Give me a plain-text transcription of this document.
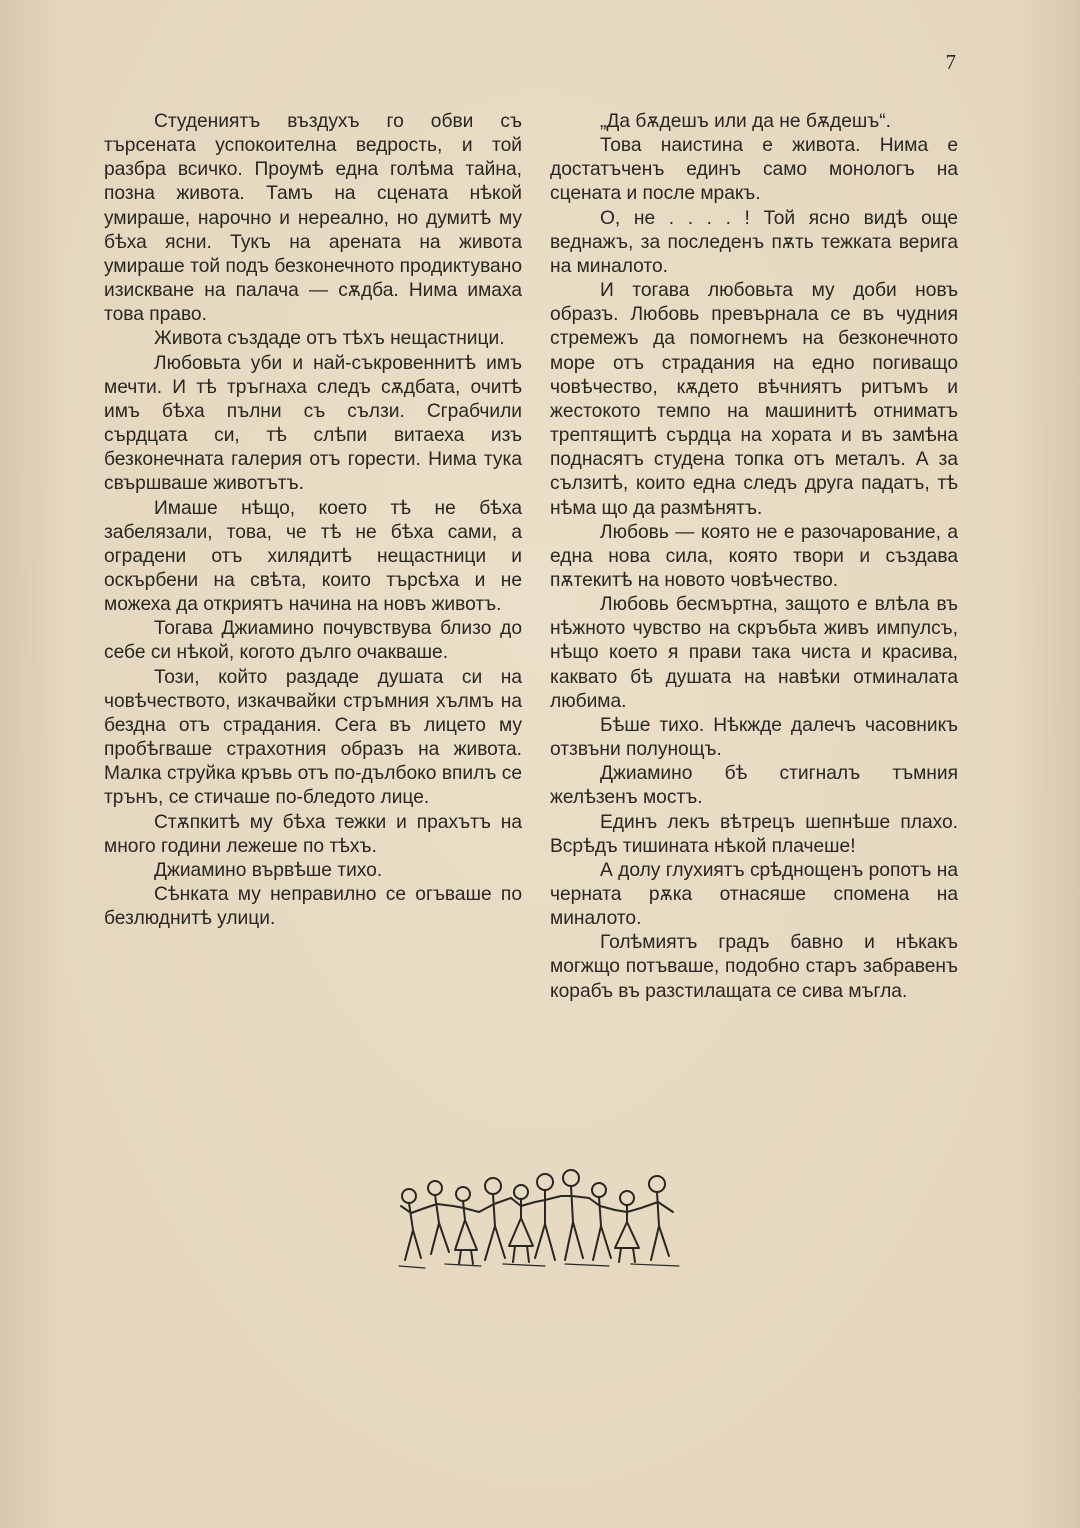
7

Студениятъ въздухъ го обви съ търсената успокоителна ведрость, и той разбра всичко. Проумѣ една голѣма тайна, позна живота. Тамъ на сцената нѣкой умираше, нарочно и нереално, но думитѣ му бѣха ясни. Тукъ на арената на живота умираше той подъ безконечното продиктувано изискване на палача — сѫдба. Нима имаха това право.

Живота създаде отъ тѣхъ нещастници.

Любовьта уби и най-съкровеннитѣ имъ мечти. И тѣ тръгнаха следъ сѫдбата, очитѣ имъ бѣха пълни съ сълзи. Сграбчили сърдцата си, тѣ слѣпи витаеха изъ безконечната галерия отъ горести. Нима тука свършваше животътъ.

Имаше нѣщо, което тѣ не бѣха забелязали, това, че тѣ не бѣха сами, а оградени отъ хилядитѣ нещастници и оскърбени на свѣта, които търсѣха и не можеха да откриятъ начина на новъ животъ.

Тогава Джиамино почувствува близо до себе си нѣкой, когото дълго очакваше.

Този, който раздаде душата си на човѣчеството, изкачвайки стръмния хълмъ на бездна отъ страдания. Сега въ лицето му пробѣгваше страхотния образъ на живота. Малка струйка кръвь отъ по-дълбоко впилъ се трънъ, се стичаше по-бледото лице.

Стѫпкитѣ му бѣха тежки и прахътъ на много години лежеше по тѣхъ.

Джиамино вървѣше тихо.

Сѣнката му неправилно се огъваше по безлюднитѣ улици.

„Да бѫдешъ или да не бѫдешъ“.

Това наистина е живота. Нима е достатъченъ единъ само монологъ на сцената и после мракъ.

О, не . . . . ! Той ясно видѣ още веднажъ, за последенъ пѫть тежката верига на миналото.

И тогава любовьта му доби новъ образъ. Любовь превърнала се въ чудния стремежъ да помогнемъ на безконечното море отъ страдания на едно погиващо човѣчество, кѫдето вѣчниятъ ритъмъ и жестокото темпо на машинитѣ отниматъ трептящитѣ сърдца на хората и въ замѣна поднасятъ студена топка отъ металъ. А за сълзитѣ, които една следъ друга падатъ, тѣ нѣма що да размѣнятъ.

Любовь — която не е разочарование, а една нова сила, която твори и създава пѫтекитѣ на новото човѣчество.

Любовь бесмъртна, защото е влѣла въ нѣжното чувство на скръбьта живъ импулсъ, нѣщо което я прави така чиста и красива, каквато бѣ душата на навѣки отминалата любима.

Бѣше тихо. Нѣкжде далечъ часовникъ отзвъни полунощъ.

Джиамино бѣ стигналъ тъмния желѣзенъ мостъ.

Единъ лекъ вѣтрецъ шепнѣше плахо. Всрѣдъ тишината нѣкой плачеше!

А долу глухиятъ срѣднощенъ ропотъ на черната рѫка отнасяше спомена на миналото.

Голѣмиятъ градъ бавно и нѣкакъ могжщо потъваше, подобно старъ забравенъ корабъ въ разстилащата се сива мъгла.
